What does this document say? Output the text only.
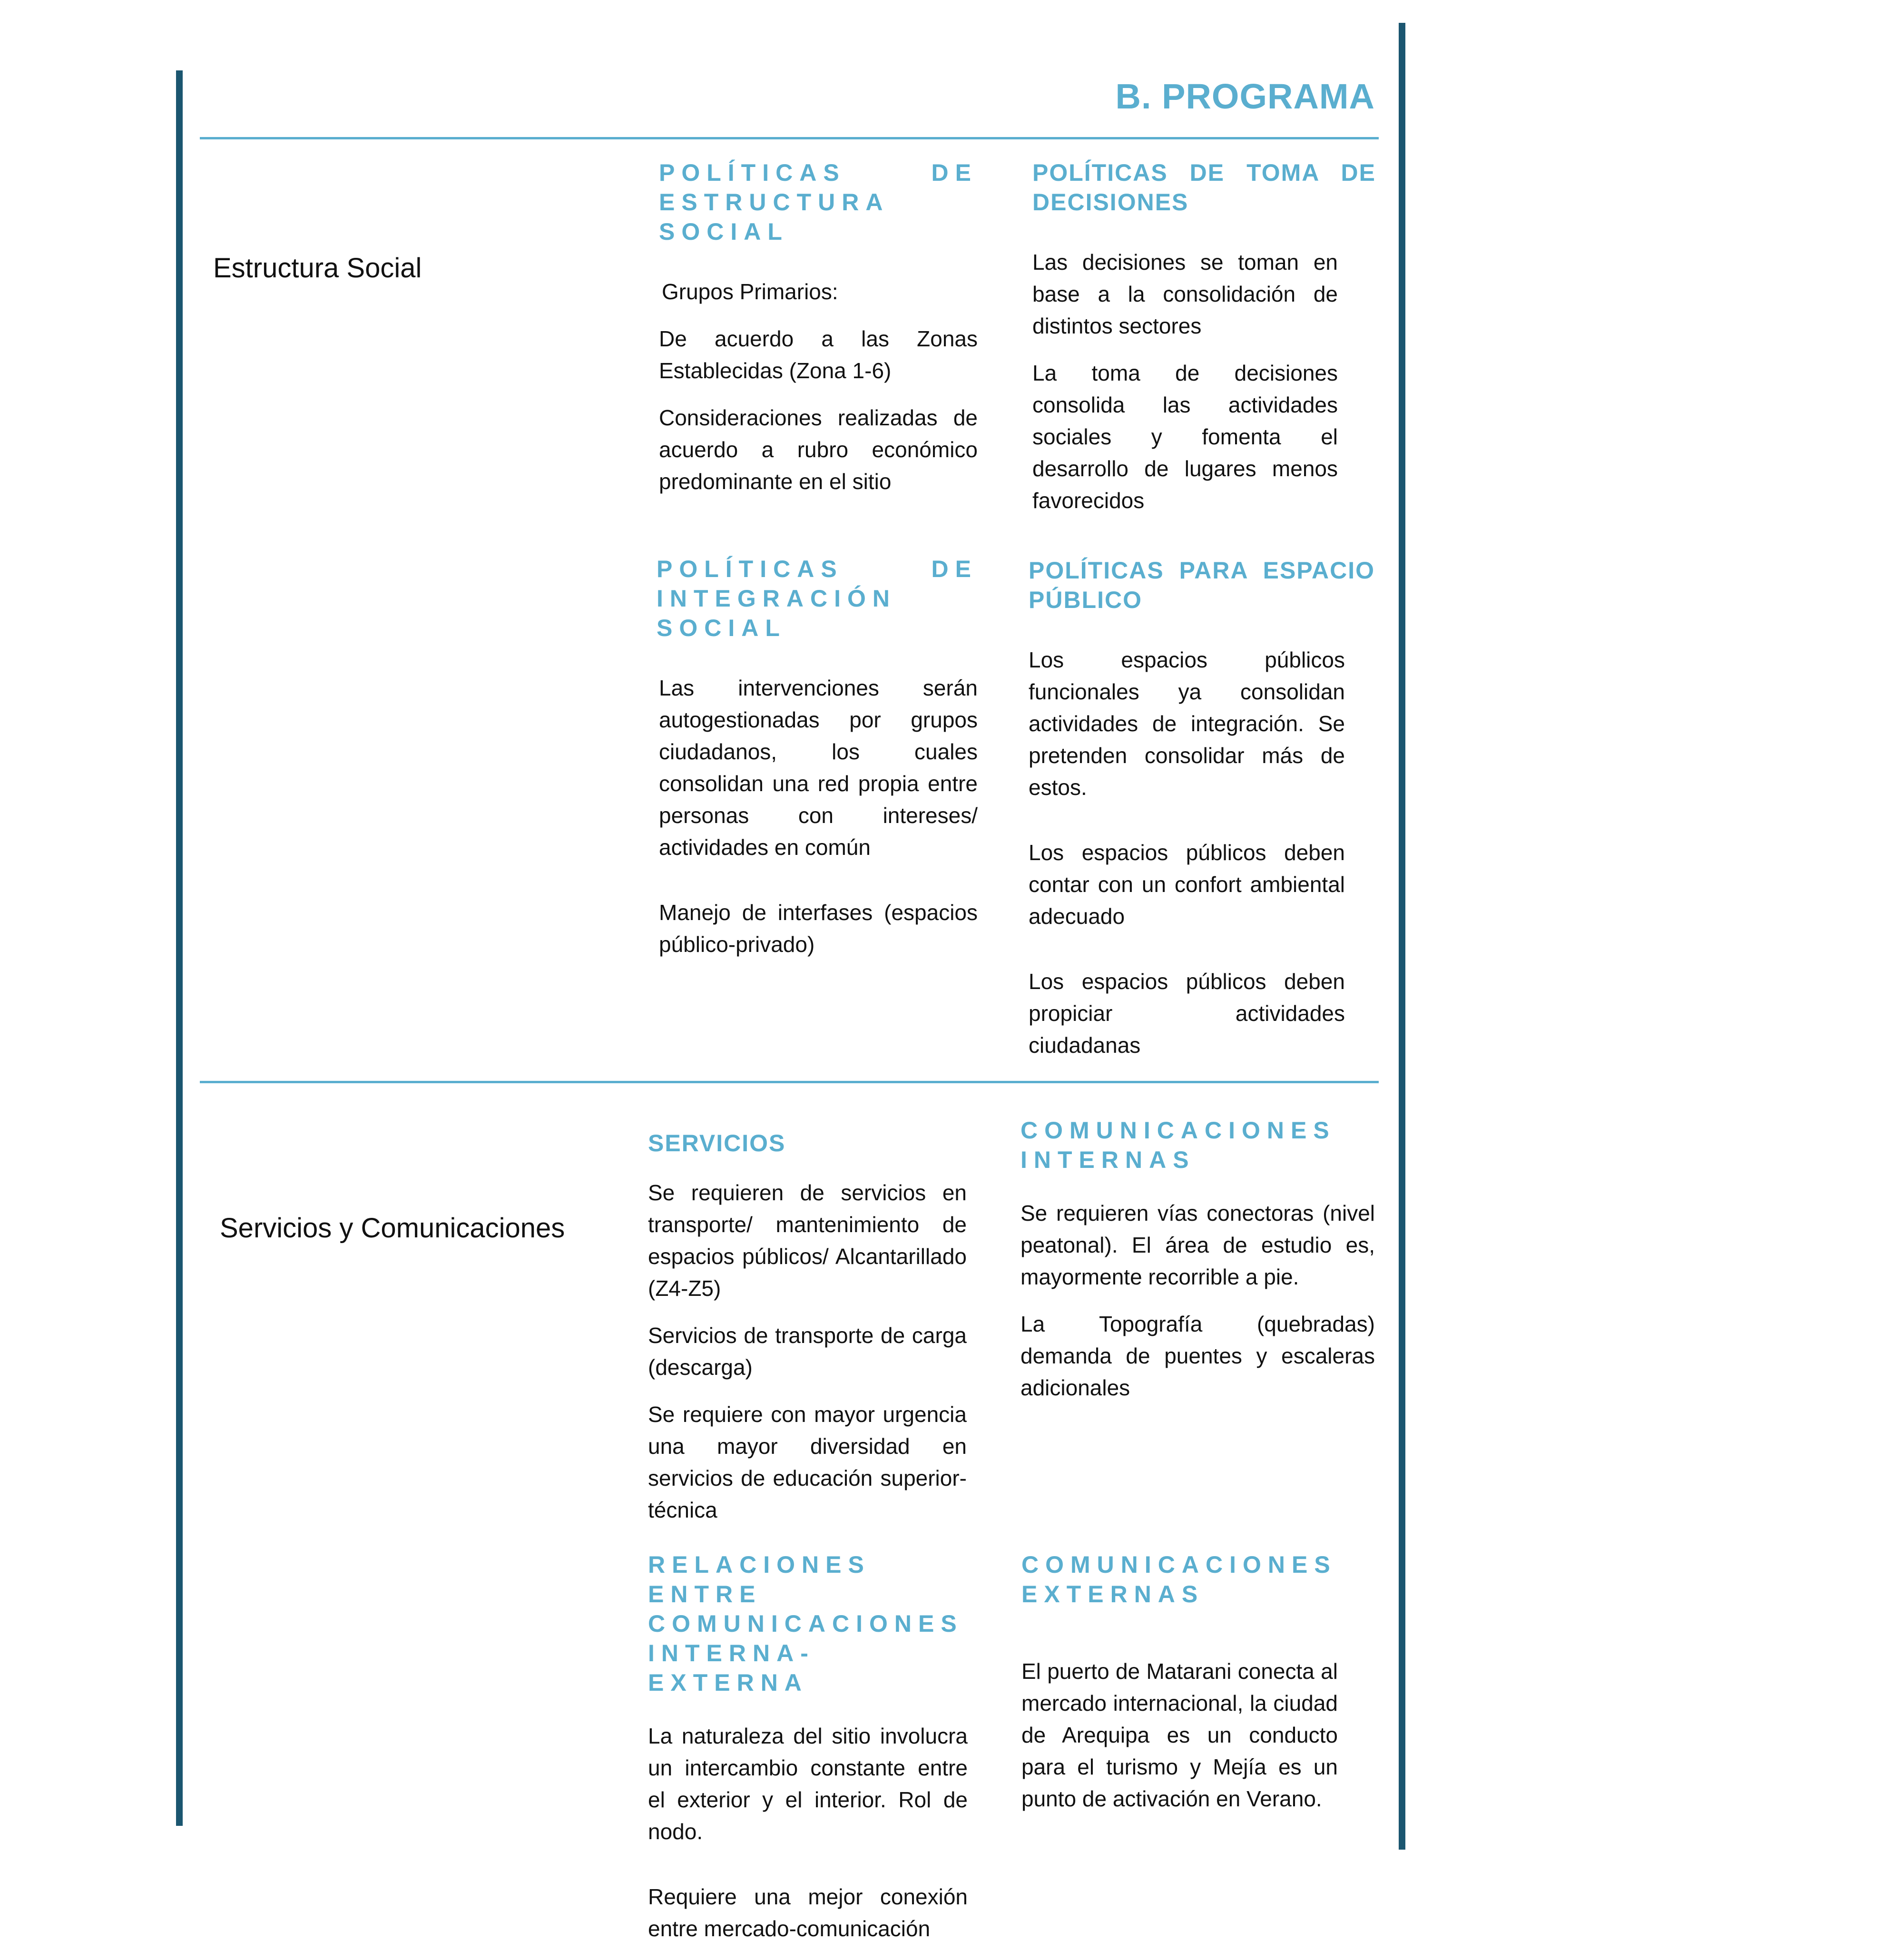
B. PROGRAMA
Estructura Social
POLÍTICAS DE ESTRUCTURA SOCIAL

Grupos Primarios:

De acuerdo a las Zonas Establecidas (Zona 1-6)

Consideraciones realizadas de acuerdo a rubro económico predominante en el sitio

POLÍTICAS DE TOMA DE DECISIONES

Las decisiones se toman en base a la consolidación de distintos sectores

La toma de decisiones consolida las actividades sociales y fomenta el desarrollo de lugares menos favorecidos

POLÍTICAS DE INTEGRACIÓN SOCIAL

Las intervenciones serán autogestionadas por grupos ciudadanos, los cuales consolidan una red propia entre personas con intereses/ actividades en común

Manejo de interfases (espacios público-privado)

POLÍTICAS PARA ESPACIO PÚBLICO

Los espacios públicos funcionales ya consolidan actividades de integración. Se pretenden consolidar más de estos.

Los espacios públicos deben contar con un confort ambiental adecuado

Los espacios públicos deben propiciar actividades ciudadanas

Servicios y Comunicaciones
SERVICIOS

Se requieren de servicios en transporte/ mantenimiento de espacios públicos/ Alcantarillado (Z4-Z5)

Servicios de transporte de carga (descarga)

Se requiere con mayor urgencia una mayor diversidad en servicios de educación superior-técnica

COMUNICACIONES INTERNAS

Se requieren vías conectoras (nivel peatonal). El área de estudio es, mayormente recorrible a pie.

La Topografía (quebradas) demanda de puentes y escaleras adicionales

RELACIONES ENTRE COMUNICACIONES INTERNA- EXTERNA

La naturaleza del sitio involucra un intercambio constante entre el exterior y el interior. Rol de nodo.

Requiere una mejor conexión entre mercado-comunicación

COMUNICACIONES EXTERNAS

El puerto de Matarani conecta al mercado internacional, la ciudad de Arequipa es un conducto para el turismo y Mejía es un punto de activación en Verano.
